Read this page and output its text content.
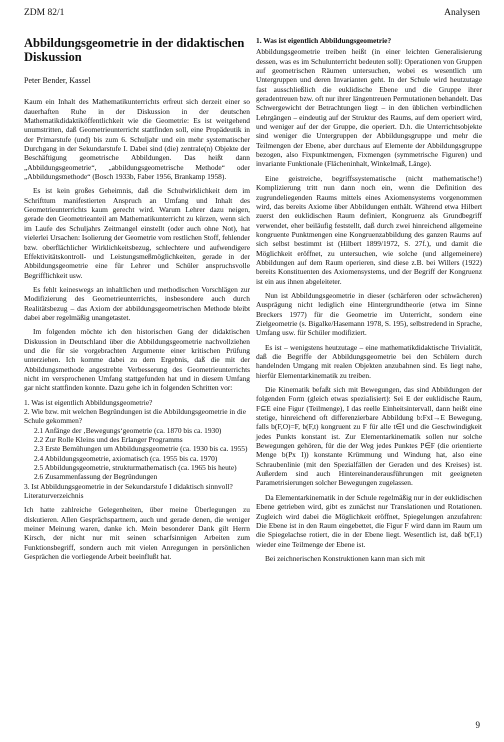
ZDM 82/1	Analysen
Abbildungsgeometrie in der didaktischen Diskussion
Peter Bender, Kassel

Kaum ein Inhalt des Mathematikunterrichts erfreut sich derzeit einer so dauerhaften Ruhe in der Diskussion in der deutschen Mathematikdidaktiköffentlichkeit wie die Geometrie: Es ist weitgehend unumstritten, daß Geometrieunterricht stattfinden soll, eine Propädeutik in der Primarstufe (und) bis zum 6. Schuljahr und ein mehr systematischer Durchgang in der Sekundarstufe I. Dabei sind (die) zentrale(n) Objekte der Beschäftigung geometrische Abbildungen. Das heißt dann „Abbildungsgeometrie“, „abbildungsgeometrische Methode“ oder „Abbildungsmethode“ (Bosch 1933b, Faber 1956, Brankamp 1958).

Es ist kein großes Geheimnis, daß die Schulwirklichkeit dem im Schrifttum manifestierten Anspruch an Umfang und Inhalt des Geometrieunterrichts kaum gerecht wird. Warum Lehrer dazu neigen, gerade den Geometrieanteil am Mathematikunterricht zu kürzen, wenn sich im Laufe des Schuljahrs Zeitmangel einstellt (oder auch ohne Not), hat vielerlei Ursachen: Isolierung der Geometrie vom restlichen Stoff, fehlender bzw. oberflächlicher Wirklichkeitsbezug, schlechtere und aufwendigere Effektivitätskontroll- und Leistungsmeßmöglichkeiten, gerade in der Abbildungsgeometrie eine für Lehrer und Schüler anspruchsvolle Begrifflichkeit usw.

Es fehlt keineswegs an inhaltlichen und methodischen Vorschlägen zur Modifizierung des Geometrieunterrichts, insbesondere auch durch Realitätsbezug – das Axiom der abbildungsgeometrischen Methode bleibt dabei aber regelmäßig unangetastet.

Im folgenden möchte ich den historischen Gang der didaktischen Diskussion in Deutschland über die Abbildungsgeometrie nachvollziehen und die für sie vorgebrachten Argumente einer kritischen Prüfung unterziehen. Ich komme dabei zu dem Ergebnis, daß die mit der Abbildungsmethode angestrebte Verbesserung des Geometrieunterrichts nicht im versprochenen Umfang stattgefunden hat und in diesem Umfang gar nicht stattfinden konnte. Dazu gehe ich in folgenden Schritten vor:

1. Was ist eigentlich Abbildungsgeometrie?
2. Wie bzw. mit welchen Begründungen ist die Abbildungsgeometrie in die Schule gekommen?
2.1 Anfänge der ‚Bewegungs‘geometrie (ca. 1870 bis ca. 1930)
2.2 Zur Rolle Kleins und des Erlanger Programms
2.3 Erste Bemühungen um Abbildungsgeometrie (ca. 1930 bis ca. 1955)
2.4 Abbildungsgeometrie, axiomatisch (ca. 1955 bis ca. 1970)
2.5 Abbildungsgeometrie, strukturmathematisch (ca. 1965 bis heute)
2.6 Zusammenfassung der Begründungen
3. Ist Abbildungsgeometrie in der Sekundarstufe I didaktisch sinnvoll?
Literaturverzeichnis

Ich hatte zahlreiche Gelegenheiten, über meine Überlegungen zu diskutieren. Allen Gesprächspartnern, auch und gerade denen, die weniger meiner Meinung waren, danke ich. Mein besonderer Dank gilt Herrn Kirsch, der nicht nur mit seinen scharfsinnigen Arbeiten zum Funktionsbegriff, sondern auch mit vielen Anregungen in persönlichen Gesprächen die vorliegende Arbeit beeinflußt hat.

1. Was ist eigentlich Abbildungsgeometrie?

Abbildungsgeometrie treiben heißt (in einer leichten Generalisierung dessen, was es im Schulunterricht bedeuten soll): Operationen von Gruppen auf geometrischen Räumen untersuchen, wobei es wesentlich um Untergruppen und deren Invarianten geht. In der Schule wird heutzutage fast ausschließlich die euklidische Ebene und die Gruppe ihrer geradentreuen bzw. oft nur ihrer längentreuen Permutationen behandelt. Das Schwergewicht der Betrachtungen liegt – in den üblichen verbindlichen Lehrgängen – eindeutig auf der Struktur des Raums, auf dem operiert wird, und weniger auf der der Gruppe, die operiert. D.h. die Unterrichtsobjekte sind weniger die Untergruppen der Abbildungsgruppe und mehr die Teilmengen der Ebene, aber durchaus auf Elemente der Abbildungsgruppe bezogen, also Fixpunktmengen, Fixmengen (symmetrische Figuren) und invariante Funktionale (Flächeninhalt, Winkelmaß, Länge).

Eine geistreiche, begriffssystematische (nicht mathematische!) Komplizierung tritt nun dann noch ein, wenn die Definition des zugrundeliegenden Raums mittels eines Axiomensystems vorgenommen wird, das bereits Axiome über Abbildungen enthält. Während etwa Hilbert zuerst den euklidischen Raum definiert, Kongruenz als Grundbegriff verwendet, eher beiläufig feststellt, daß durch zwei hinreichend allgemeine kongruente Punktmengen eine Kongruenzabbildung des ganzen Raums auf sich selbst bestimmt ist (Hilbert 1899/1972, S. 27f.), und damit die Möglichkeit eröffnet, zu untersuchen, wie solche (und allgemeinere) Abbildungen auf dem Raum operieren, sind diese z.B. bei Willers (1922) bereits Konstituenten des Axiomensystems, und der Begriff der Kongruenz ist ein aus ihnen abgeleiteter.

Nun ist Abbildungsgeometrie in dieser (schärferen oder schwächeren) Ausprägung nicht lediglich eine Hintergrundtheorie (etwa im Sinne Breckers 1977) für die Geometrie im Unterricht, sondern eine Zielgeometrie (s. Bigalke/Hasemann 1978, S. 195), selbstredend in Sprache, Umfang usw. für Schüler modifiziert.

Es ist – wenigstens heutzutage – eine mathematikdidaktische Trivialität, daß die Begriffe der Abbildungsgeometrie bei den Schülern durch handelnden Umgang mit realen Objekten anzubahnen sind. Es liegt nahe, hierfür Elementarkinematik zu treiben.

Die Kinematik befaßt sich mit Bewegungen, das sind Abbildungen der folgenden Form (gleich etwas spezialisiert): Sei E der euklidische Raum, F⊆E eine Figur (Teilmenge), I das reelle Einheitsintervall, dann heißt eine stetige, hinreichend oft differenzierbare Abbildung b:FxI→E Bewegung, falls b(F,O)=F, b(F,t) kongruent zu F für alle t∈I und die Geschwindigkeit jedes Punkts konstant ist. Zur Elementarkinematik sollen nur solche Bewegungen gehören, für die der Weg jedes Punktes P∈F (die orientierte Menge b(Px I)) konstante Krümmung und Windung hat, also eine Schraubenlinie (mit den Spezialfällen der Geraden und des Kreises) ist. Außerdem sind auch Hintereinanderausführungen mit geeigneten Parametrisierungen solcher Bewegungen zugelassen.

Da Elementarkinematik in der Schule regelmäßig nur in der euklidischen Ebene getrieben wird, gibt es zunächst nur Translationen und Rotationen. Zugleich wird dabei die Möglichkeit eröffnet, Spiegelungen anzufahren: Die Ebene ist in den Raum eingebettet, die Figur F wird dann im Raum um die Spiegelachse rotiert, die in der Ebene liegt. Wesentlich ist, daß b(F,1) wieder eine Teilmenge der Ebene ist.

Bei zeichnerischen Konstruktionen kann man sich mit

9
